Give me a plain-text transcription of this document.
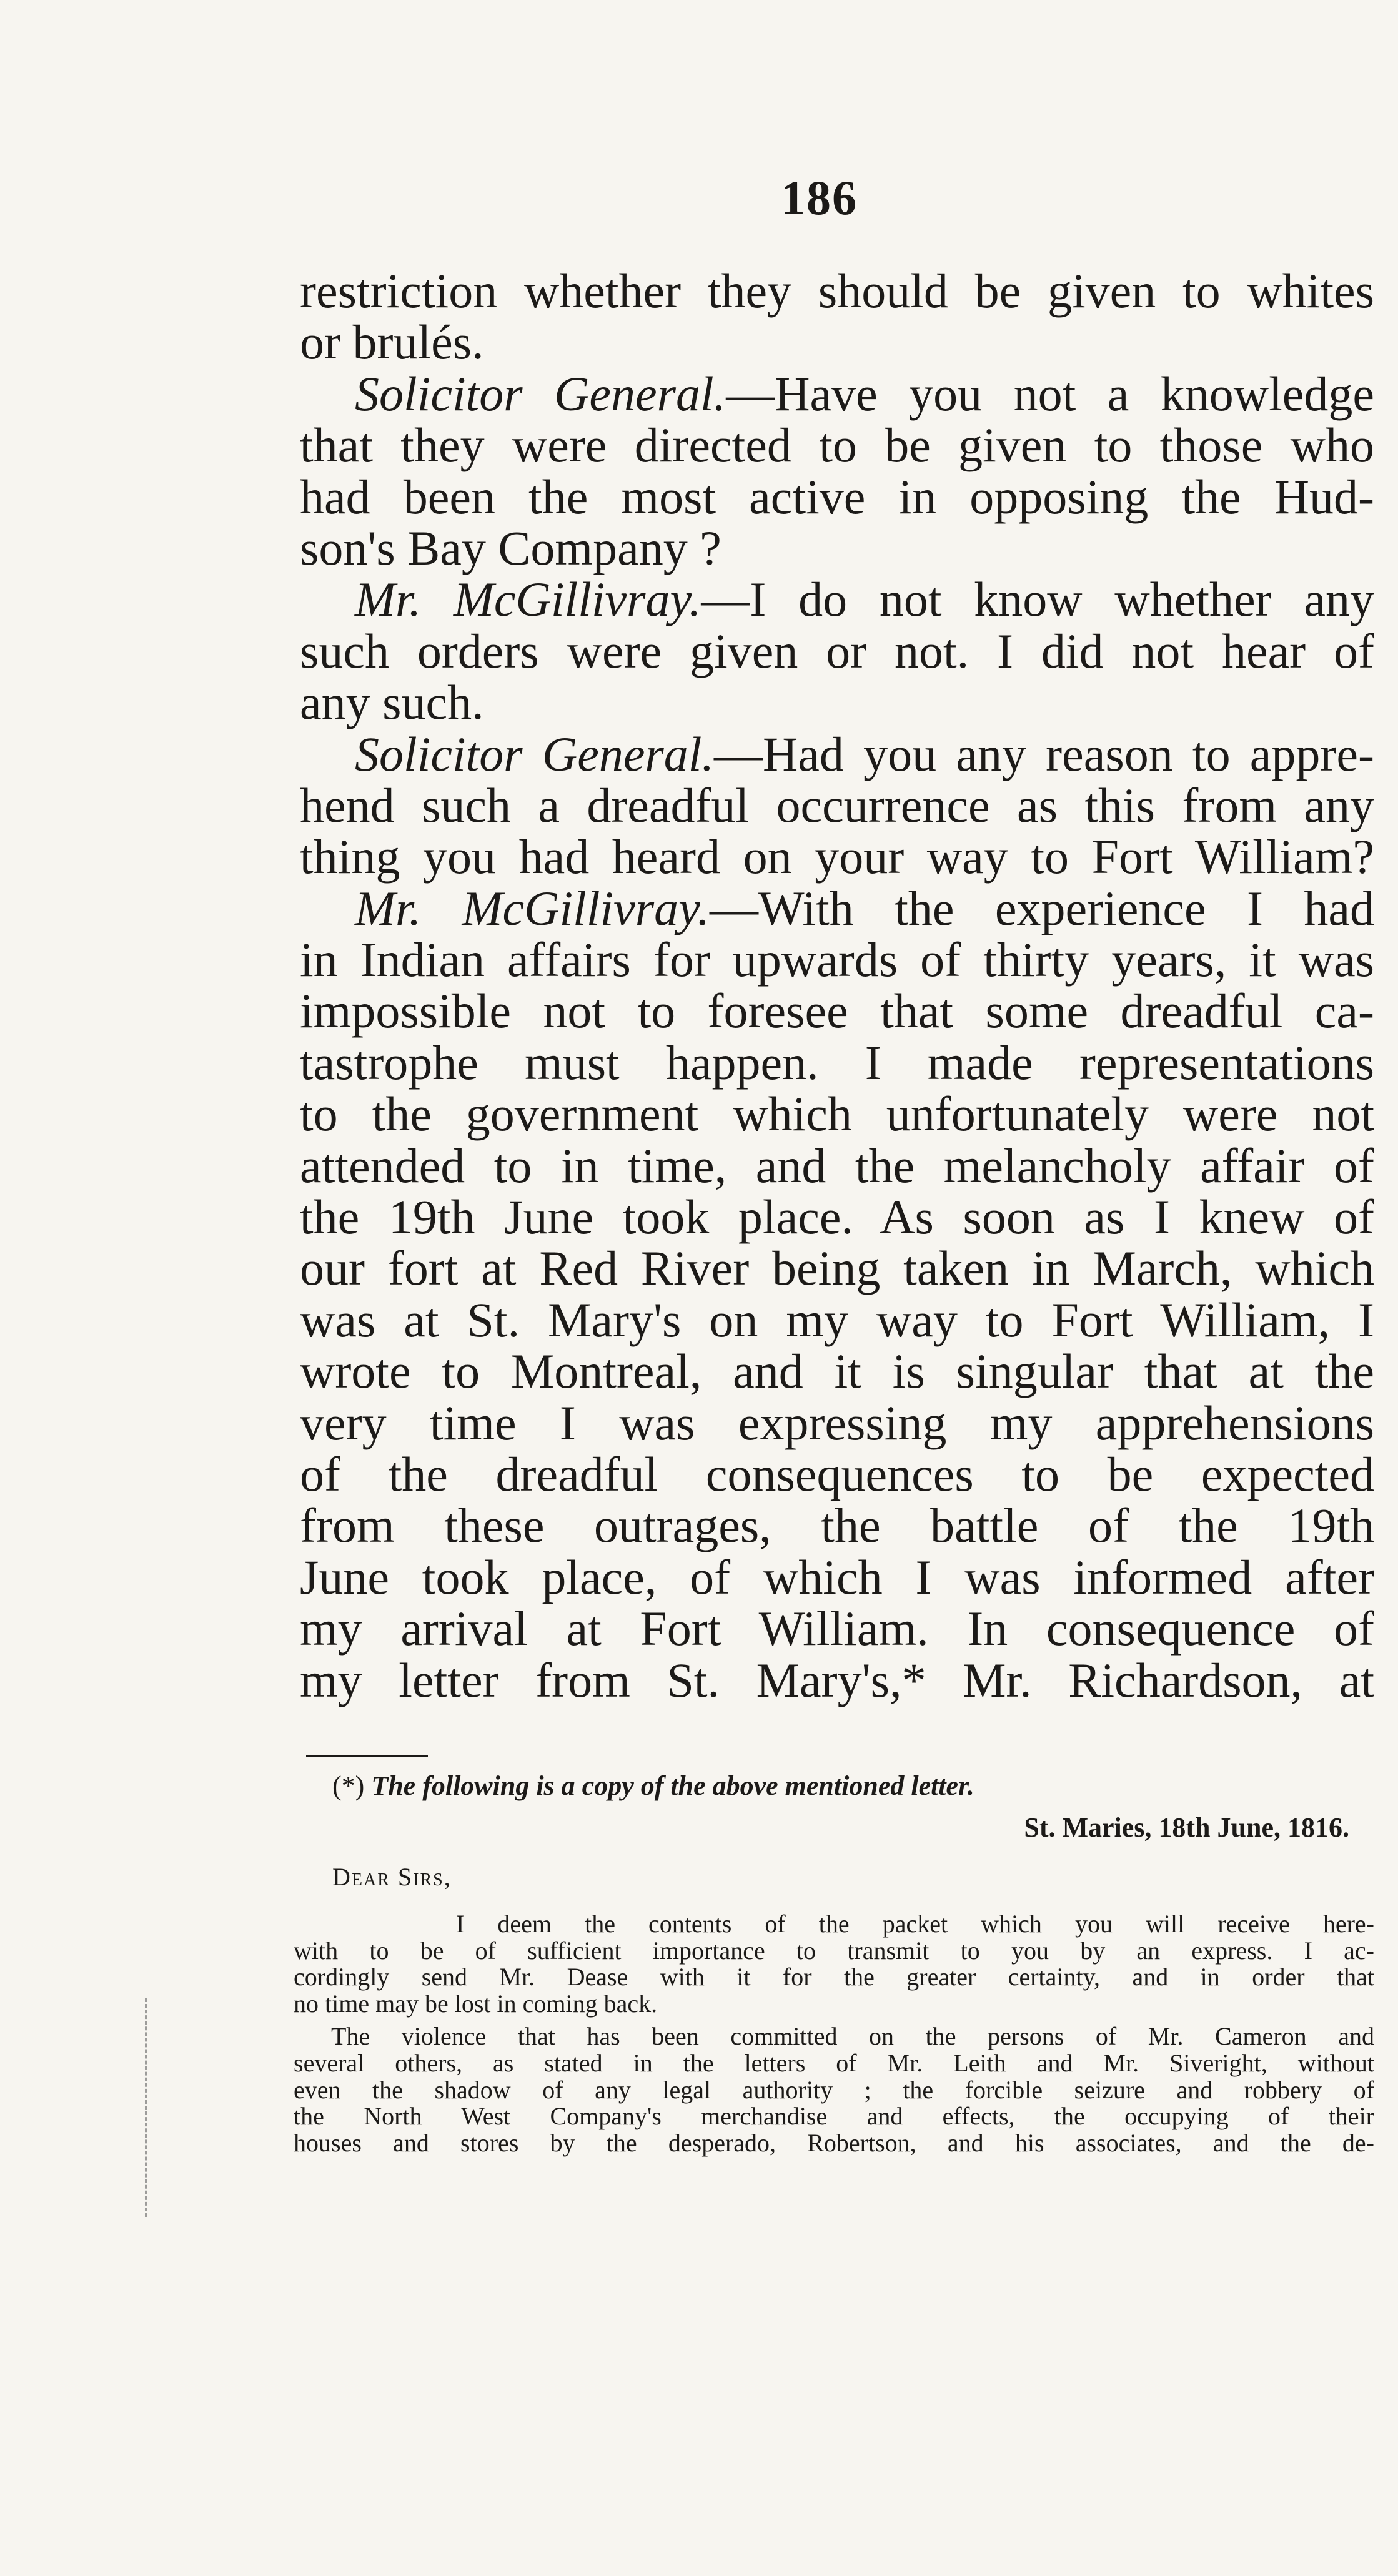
186
restriction whether they should be given to whites
or brulés.
Solicitor General.—Have you not a knowledge
that they were directed to be given to those who
had been the most active in opposing the Hud-
son's Bay Company ?
Mr. McGillivray.—I do not know whether any
such orders were given or not. I did not hear of
any such.
Solicitor General.—Had you any reason to appre-
hend such a dreadful occurrence as this from any
thing you had heard on your way to Fort William?
Mr. McGillivray.—With the experience I had
in Indian affairs for upwards of thirty years, it was
impossible not to foresee that some dreadful ca-
tastrophe must happen. I made representations
to the government which unfortunately were not
attended to in time, and the melancholy affair of
the 19th June took place. As soon as I knew of
our fort at Red River being taken in March, which
was at St. Mary's on my way to Fort William, I
wrote to Montreal, and it is singular that at the
very time I was expressing my apprehensions
of the dreadful consequences to be expected
from these outrages, the battle of the 19th
June took place, of which I was informed after
my arrival at Fort William. In consequence of
my letter from St. Mary's,* Mr. Richardson, at
(*) The following is a copy of the above mentioned letter.
St. Maries, 18th June, 1816.
Dear Sirs,
I deem the contents of the packet which you will receive here-
with to be of sufficient importance to transmit to you by an express. I ac-
cordingly send Mr. Dease with it for the greater certainty, and in order that
no time may be lost in coming back.
The violence that has been committed on the persons of Mr. Cameron and
several others, as stated in the letters of Mr. Leith and Mr. Siveright, without
even the shadow of any legal authority ; the forcible seizure and robbery of
the North West Company's merchandise and effects, the occupying of their
houses and stores by the desperado, Robertson, and his associates, and the de-
